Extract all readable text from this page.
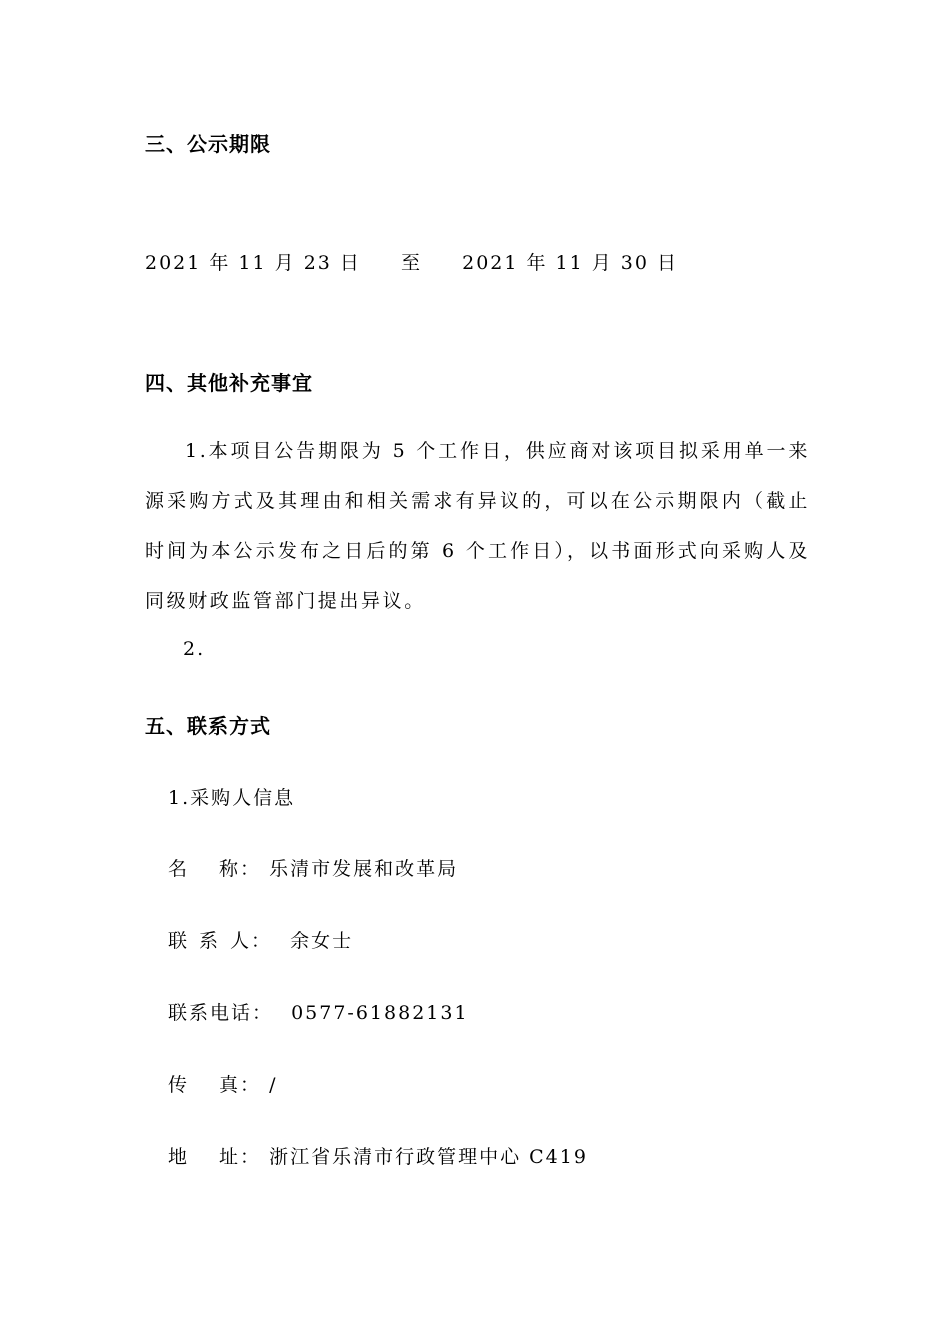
三、公示期限
2021 年 11 月 23 日 至 2021 年 11 月 30 日
四、其他补充事宜
1.本项目公告期限为 5 个工作日，供应商对该项目拟采用单一来源采购方式及其理由和相关需求有异议的，可以在公示期限内（截止时间为本公示发布之日后的第 6 个工作日），以书面形式向采购人及同级财政监管部门提出异议。
2.
五、联系方式
1.采购人信息
名 称： 乐清市发展和改革局
联 系 人： 余女士
联系电话： 0577-61882131
传 真： /
地 址： 浙江省乐清市行政管理中心 C419
